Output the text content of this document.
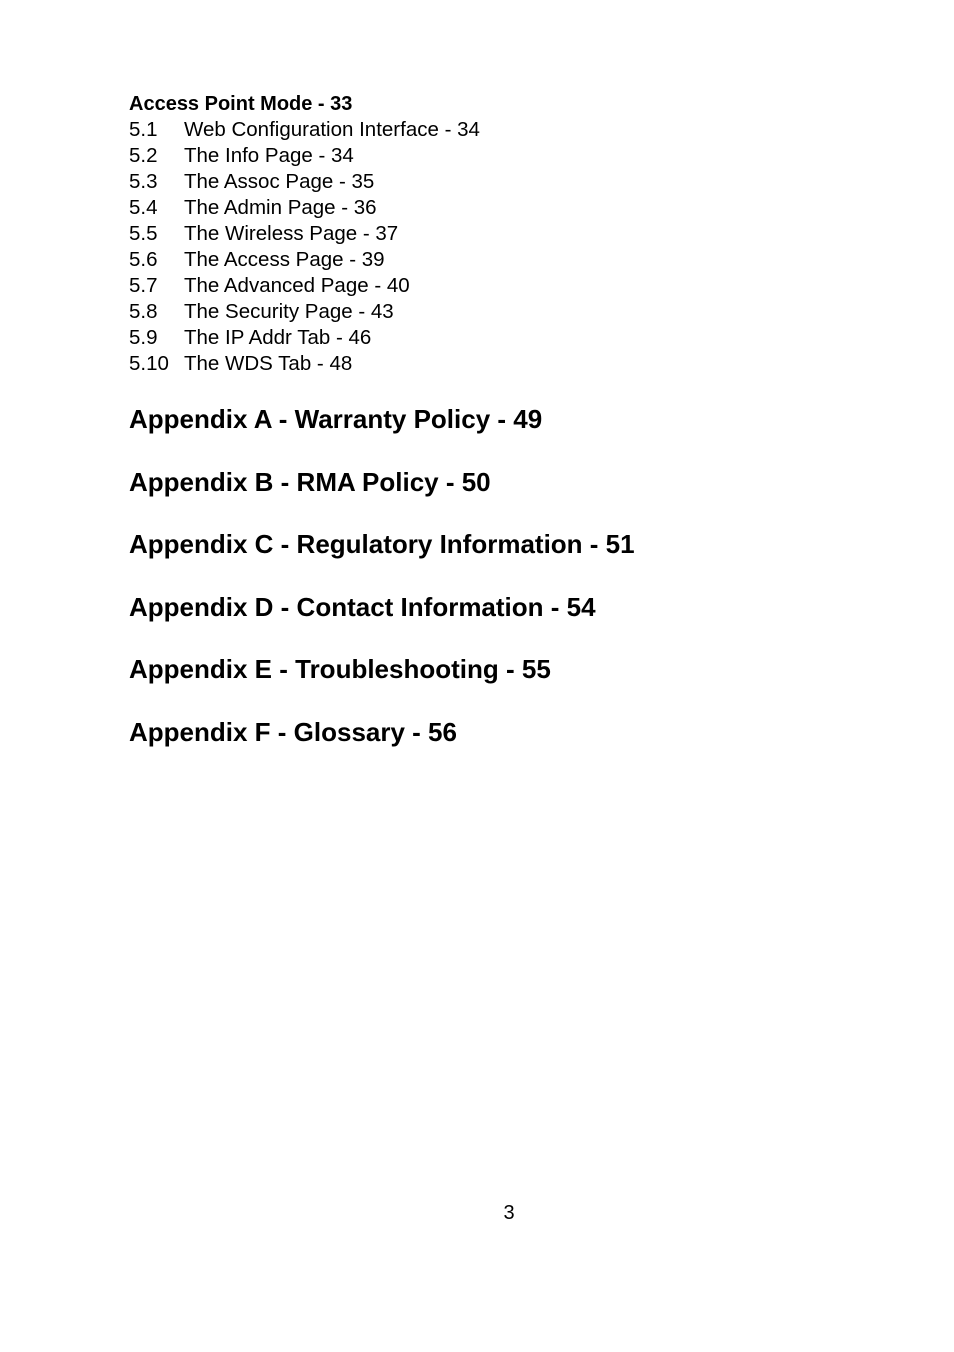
Access Point Mode - 33
5.1 Web Configuration Interface - 34
5.2 The Info Page - 34
5.3 The Assoc Page - 35
5.4 The Admin Page - 36
5.5 The Wireless Page - 37
5.6 The Access Page - 39
5.7 The Advanced Page - 40
5.8 The Security Page - 43
5.9 The IP Addr Tab - 46
5.10 The WDS Tab - 48
Appendix A - Warranty Policy - 49
Appendix B - RMA Policy - 50
Appendix C - Regulatory Information - 51
Appendix D - Contact Information - 54
Appendix E - Troubleshooting - 55
Appendix F - Glossary - 56
3
